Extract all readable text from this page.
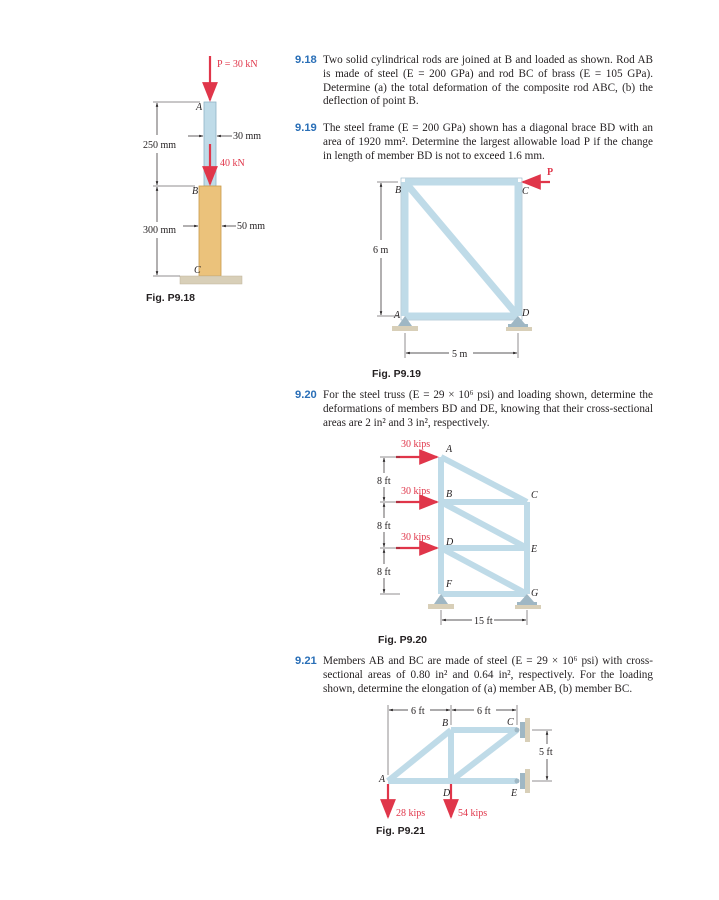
9.18 Two solid cylindrical rods are joined at B and loaded as shown. Rod AB is made of steel (E = 200 GPa) and rod BC of brass (E = 105 GPa). Determine (a) the total deformation of the composite rod ABC, (b) the deflection of point B.
9.19 The steel frame (E = 200 GPa) shown has a diagonal brace BD with an area of 1920 mm². Determine the largest allowable load P if the change in length of member BD is not to exceed 1.6 mm.
9.20 For the steel truss (E = 29 × 10⁶ psi) and loading shown, determine the deformations of members BD and DE, knowing that their cross-sectional areas are 2 in² and 3 in², respectively.
9.21 Members AB and BC are made of steel (E = 29 × 10⁶ psi) with cross-sectional areas of 0.80 in² and 0.64 in², respectively. For the loading shown, determine the elongation of (a) member AB, (b) member BC.
P = 30 kN
40 kN
A
B
C
250 mm
300 mm
30 mm
50 mm
Fig. P9.18
P
B	C
A	D
6 m
5 m
Fig. P9.19
30 kips
30 kips
30 kips
A
B	C
D
E
F
G
8 ft
8 ft
8 ft
15 ft
Fig. P9.20
28 kips	54 kips
A
B	C
D	E
6 ft	6 ft
5 ft
Fig. P9.21
